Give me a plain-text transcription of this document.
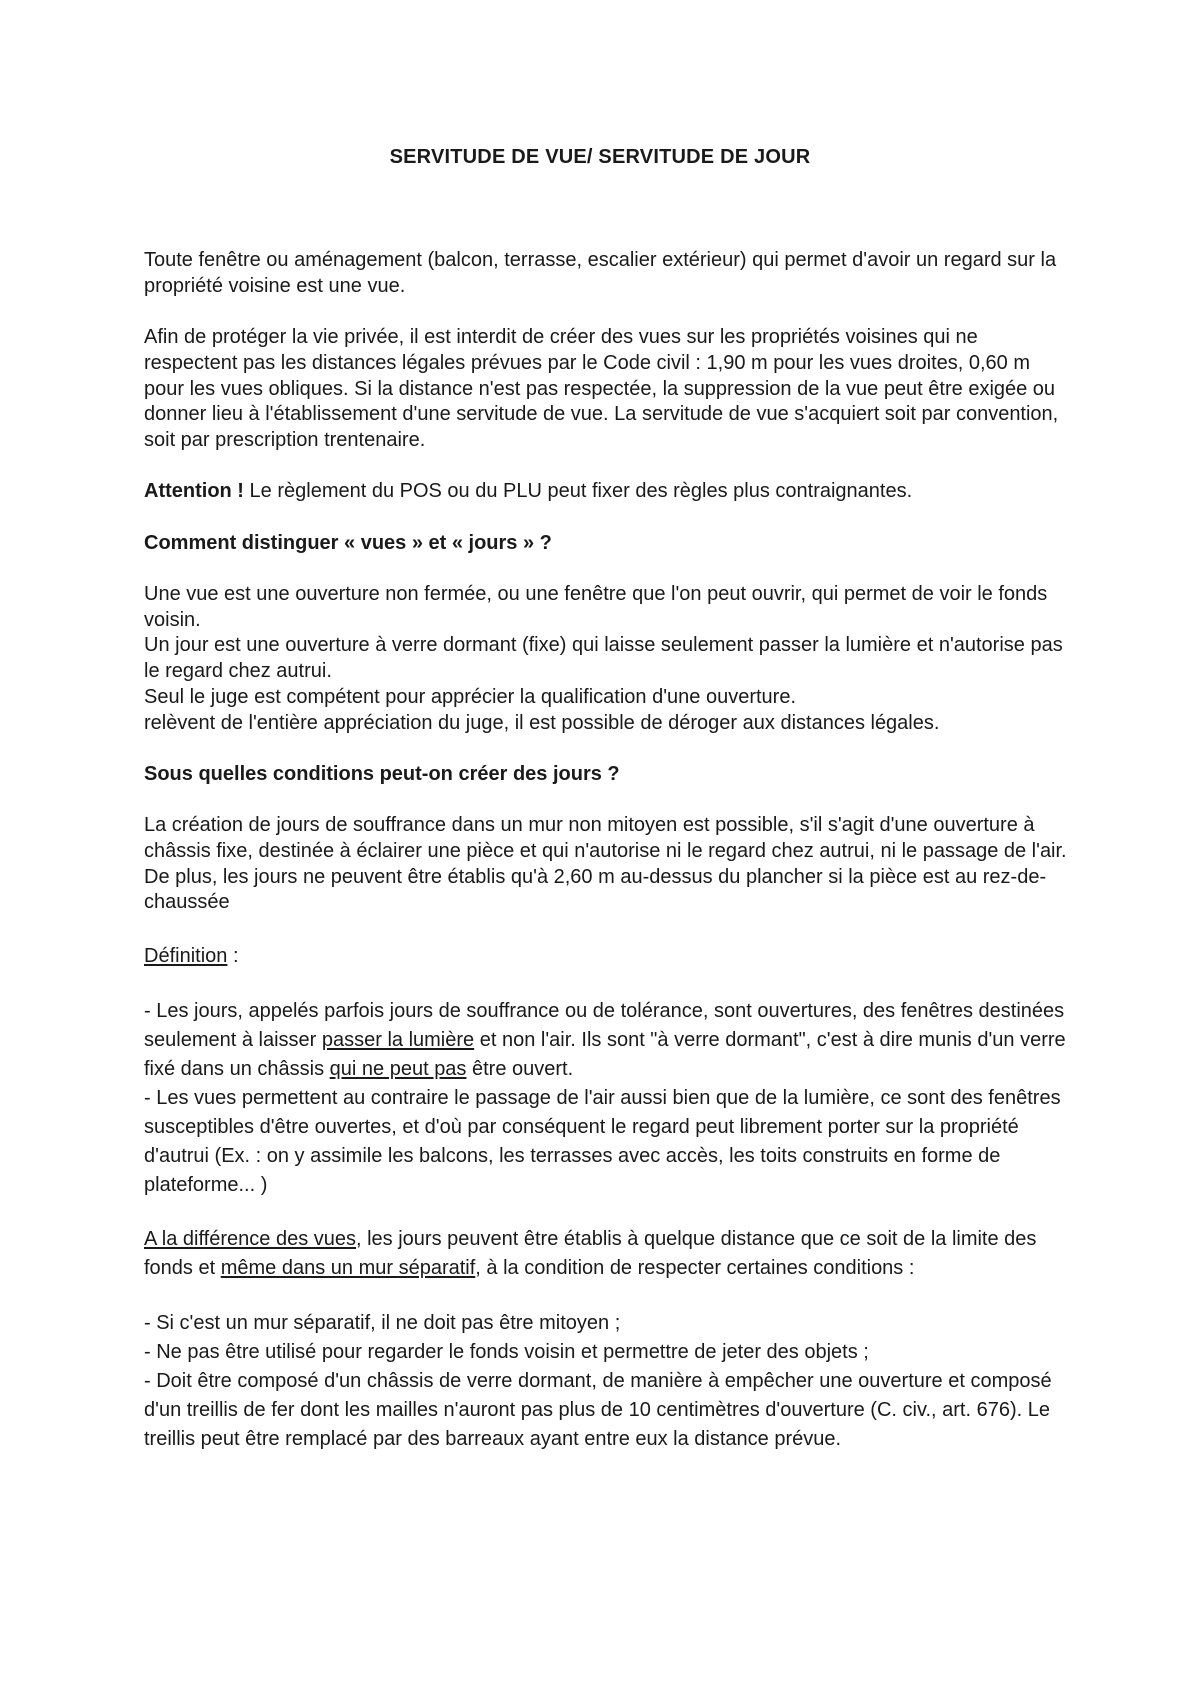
SERVITUDE DE VUE/ SERVITUDE DE JOUR

Toute fenêtre ou aménagement (balcon, terrasse, escalier extérieur) qui permet d'avoir un regard sur la propriété voisine est une vue.

Afin de protéger la vie privée, il est interdit de créer des vues sur les propriétés voisines qui ne respectent pas les distances légales prévues par le Code civil : 1,90 m pour les vues droites, 0,60 m pour les vues obliques. Si la distance n'est pas respectée, la suppression de la vue peut être exigée ou donner lieu à l'établissement d'une servitude de vue. La servitude de vue s'acquiert soit par convention, soit par prescription trentenaire.

Attention ! Le règlement du POS ou du PLU peut fixer des règles plus contraignantes.

Comment distinguer « vues » et « jours » ?

Une vue est une ouverture non fermée, ou une fenêtre que l'on peut ouvrir, qui permet de voir le fonds voisin.

Un jour est une ouverture à verre dormant (fixe) qui laisse seulement passer la lumière et n'autorise pas le regard chez autrui.

Seul le juge est compétent pour apprécier la qualification d'une ouverture.

relèvent de l'entière appréciation du juge, il est possible de déroger aux distances légales.

Sous quelles conditions peut-on créer des jours ?

La création de jours de souffrance dans un mur non mitoyen est possible, s'il s'agit d'une ouverture à châssis fixe, destinée à éclairer une pièce et qui n'autorise ni le regard chez autrui, ni le passage de l'air. De plus, les jours ne peuvent être établis qu'à 2,60 m au-dessus du plancher si la pièce est au rez-de-chaussée

Définition :

- Les jours, appelés parfois jours de souffrance ou de tolérance, sont ouvertures, des fenêtres destinées seulement à laisser passer la lumière et non l'air. Ils sont "à verre dormant", c'est à dire munis d'un verre fixé dans un châssis qui ne peut pas être ouvert.

- Les vues permettent au contraire le passage de l'air aussi bien que de la lumière, ce sont des fenêtres susceptibles d'être ouvertes, et d'où par conséquent le regard peut librement porter sur la propriété d'autrui (Ex. : on y assimile les balcons, les terrasses avec accès, les toits construits en forme de plateforme... )

A la différence des vues, les jours peuvent être établis à quelque distance que ce soit de la limite des fonds et même dans un mur séparatif, à la condition de respecter certaines conditions :

- Si c'est un mur séparatif, il ne doit pas être mitoyen ;

- Ne pas être utilisé pour regarder le fonds voisin et permettre de jeter des objets ;

- Doit être composé d'un châssis de verre dormant, de manière à empêcher une ouverture et composé d'un treillis de fer dont les mailles n'auront pas plus de 10 centimètres d'ouverture (C. civ., art. 676). Le treillis peut être remplacé par des barreaux ayant entre eux la distance prévue.
